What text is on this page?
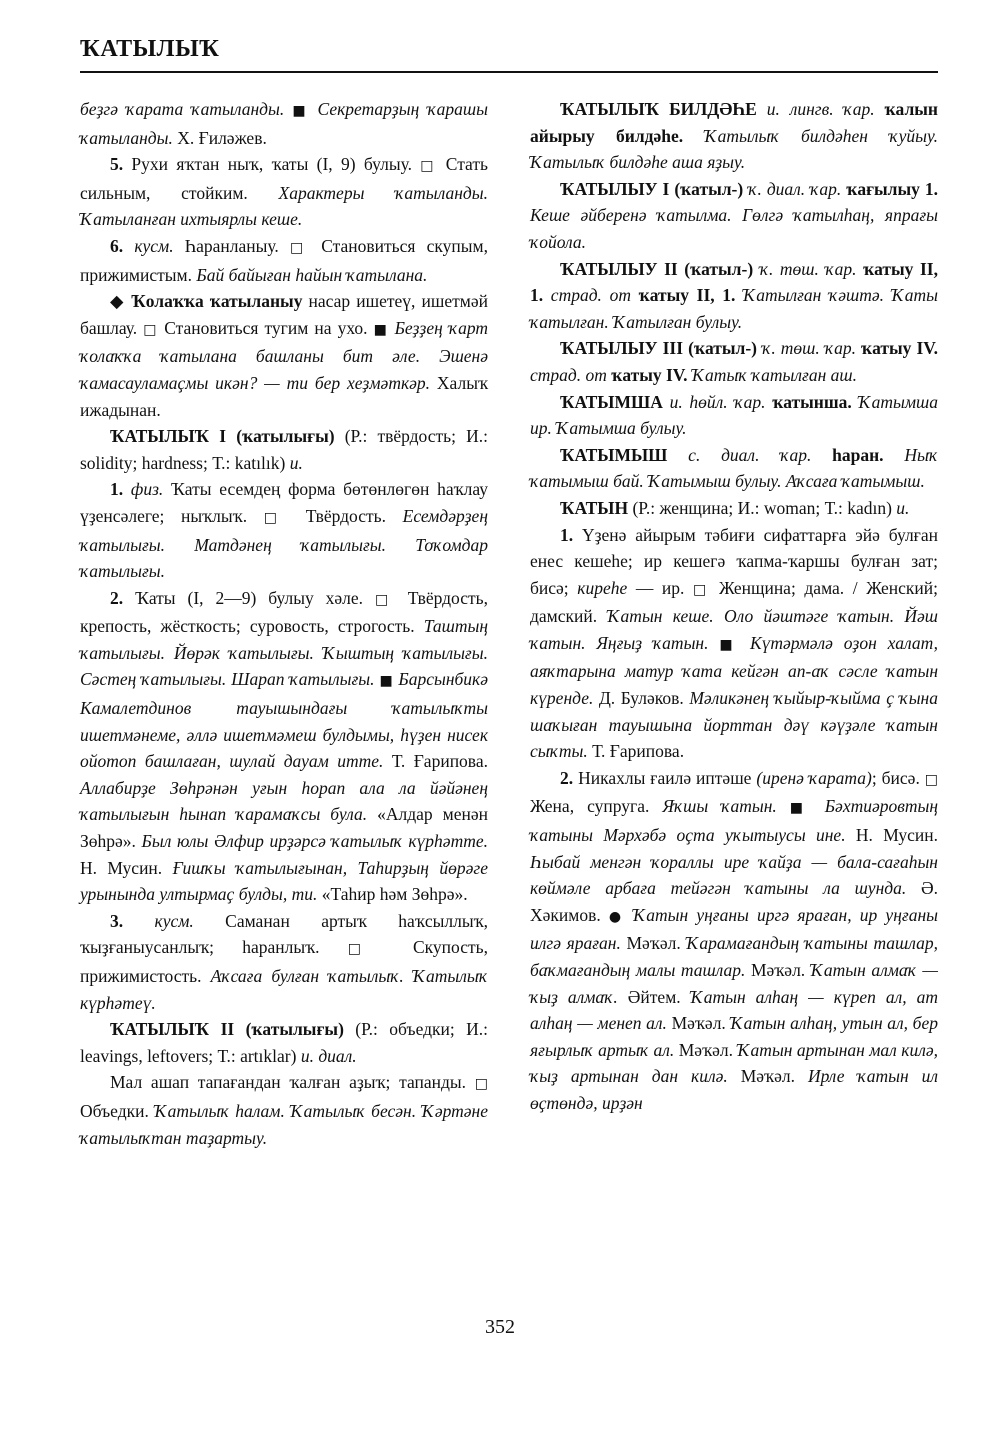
ҠАТЫЛЫҠ

беҙгә ҡарата ҡатыланды. ■ Секретарҙың ҡарашы ҡатыланды. Х. Ғиләжев.

5. Рухи яҡтан ныҡ, ҡаты (I, 9) булыу. □ Стать сильным, стойким. Характеры ҡатыланды. Ҡатыланған ихтыярлы кеше.

6. кусм. Һаранланыу. □ Становиться скупым, прижимистым. Бай байыған һайын ҡатылана.

◆ Ҡолаҡҡа ҡатыланыу насар ишетеү, ишетмәй башлау. □ Становиться тугим на ухо. ■ Беҙҙең ҡарт ҡолаҡҡа ҡатылана башланы бит әле. Эшенә ҡамасауламаҫмы икән? — ти бер хеҙмәткәр. Халыҡ ижадынан.

ҠАТЫЛЫҠ I (ҡатылығы) (Р.: твёрдость; И.: solidity; hardness; Т.: katılık) и.

1. физ. Ҡаты есемдең форма бөтөнлөгөн һаҡлау үҙенсәлеге; ныҡлыҡ. □ Твёрдость. Есемдәрҙең ҡатылығы. Матдәнең ҡатылығы. Тоҡомдар ҡатылығы.

2. Ҡаты (I, 2—9) булыу хәле. □ Твёрдость, крепость, жёсткость; суровость, строгость. Таштың ҡатылығы. Йөрәк ҡатылығы. Ҡыштың ҡатылығы. Сәстең ҡатылығы. Шарап ҡатылығы. ■ Барсынбикә Камалетдинов тауышындағы ҡатылыҡты ишетмәнеме, әллә ишетмәмеш булдымы, һүҙен нисек ойотоп башлаған, шулай дауам итте. Т. Ғарипова. Аллабирҙе Зөһрәнән уғын һорап ала ла йәйәнең ҡатылығын һынап ҡарамаҡсы була. «Алдар менән Зөһрә». Был юлы Әлфир ирҙәрсә ҡатылыҡ күрһәтте. Н. Мусин. Ғишҡы ҡатылығынан, Таһирҙың йөрәге урынында ултырмаҫ булды, ти. «Таһир һәм Зөһрә».

3. кусм. Саманан артыҡ һаҡсыллыҡ, ҡыҙғаныусанлыҡ; һаранлыҡ. □ Скупость, прижимистость. Аҡсаға булған ҡатылыҡ. Ҡатылыҡ күрһәтеү.

ҠАТЫЛЫҠ II (ҡатылығы) (Р.: объедки; И.: leavings, leftovers; Т.: artıklar) и. диал.

Мал ашап тапағандан ҡалған аҙыҡ; тапанды. □ Объедки. Ҡатылыҡ һалам. Ҡатылыҡ бесән. Ҡәртәне ҡатылыҡтан таҙартыу.

ҠАТЫЛЫҠ БИЛДӘҺЕ и. лингв. ҡар. ҡалын айырыу билдәһе. Ҡатылыҡ билдәһен ҡуйыу. Ҡатылыҡ билдәһе аша яҙыу.

ҠАТЫЛЫУ I (ҡатыл-) ҡ. диал. ҡар. ҡағылыу 1. Кеше әйберенә ҡатылма. Гөлгә ҡатылһаң, япрағы ҡойола.

ҠАТЫЛЫУ II (ҡатыл-) ҡ. төш. ҡар. ҡатыу II, 1. страд. от ҡатыу II, 1. Ҡатылған ҡәштә. Ҡаты ҡатылған. Ҡатылған булыу.

ҠАТЫЛЫУ III (ҡатыл-) ҡ. төш. ҡар. ҡатыу IV. страд. от ҡатыу IV. Ҡатыҡ ҡатылған аш.

ҠАТЫМША и. һөйл. ҡар. ҡатынша. Ҡатымша ир. Ҡатымша булыу.

ҠАТЫМЫШ с. диал. ҡар. һаран. Ныҡ ҡатымыш бай. Ҡатымыш булыу. Аҡсаға ҡатымыш.

ҠАТЫН (Р.: женщина; И.: woman; Т.: kadın) и.

1. Үҙенә айырым тәбиғи сифаттарға эйә булған енес кешеһе; ир кешегә ҡапма-ҡаршы булған зат; бисә; киреһе — ир. □ Женщина; дама. / Женский; дамский. Ҡатын кеше. Оло йәштәге ҡатын. Йәш ҡатын. Яңғыҙ ҡатын. ■ Күтәрмәлә оҙон халат, аяҡтарына матур ҡата кейгән ап-аҡ сәсле ҡатын күренде. Д. Буләков. Мәликәнең ҡыйыр-ҡыйма ҫ ҡына шаҡыған тауышына йорттан дәү кәүҙәле ҡатын сыҡты. Т. Ғарипова.

2. Никахлы ғаилә иптәше (иренә ҡарата); бисә. □ Жена, супруга. Яҡшы ҡатын. ■ Бәхтиәровтың ҡатыны Мәрхәбә оҫта уҡытыусы ине. Н. Мусин. Һыбай менгән ҡораллы ире ҡайҙа — бала-сағаһын көймәле арбаға тейәгән ҡатыны ла шунда. Ә. Хәкимов. ● Ҡатын уңғаны иргә яраған, ир уңғаны илгә яраған. Мәҡәл. Ҡарамағандың ҡатыны ташлар, баҡмағандың малы ташлар. Мәҡәл. Ҡатын алмаҡ — ҡыҙ алмаҡ. Әйтем. Ҡатын алһаң — күреп ал, ат алһаң — менеп ал. Мәҡәл. Ҡатын алһаң, утын ал, бер яғырлыҡ артыҡ ал. Мәҡәл. Ҡатын артынан мал килә, ҡыҙ артынан дан килә. Мәҡәл. Ирле ҡатын ил өҫтөндә, ирҙән

352
